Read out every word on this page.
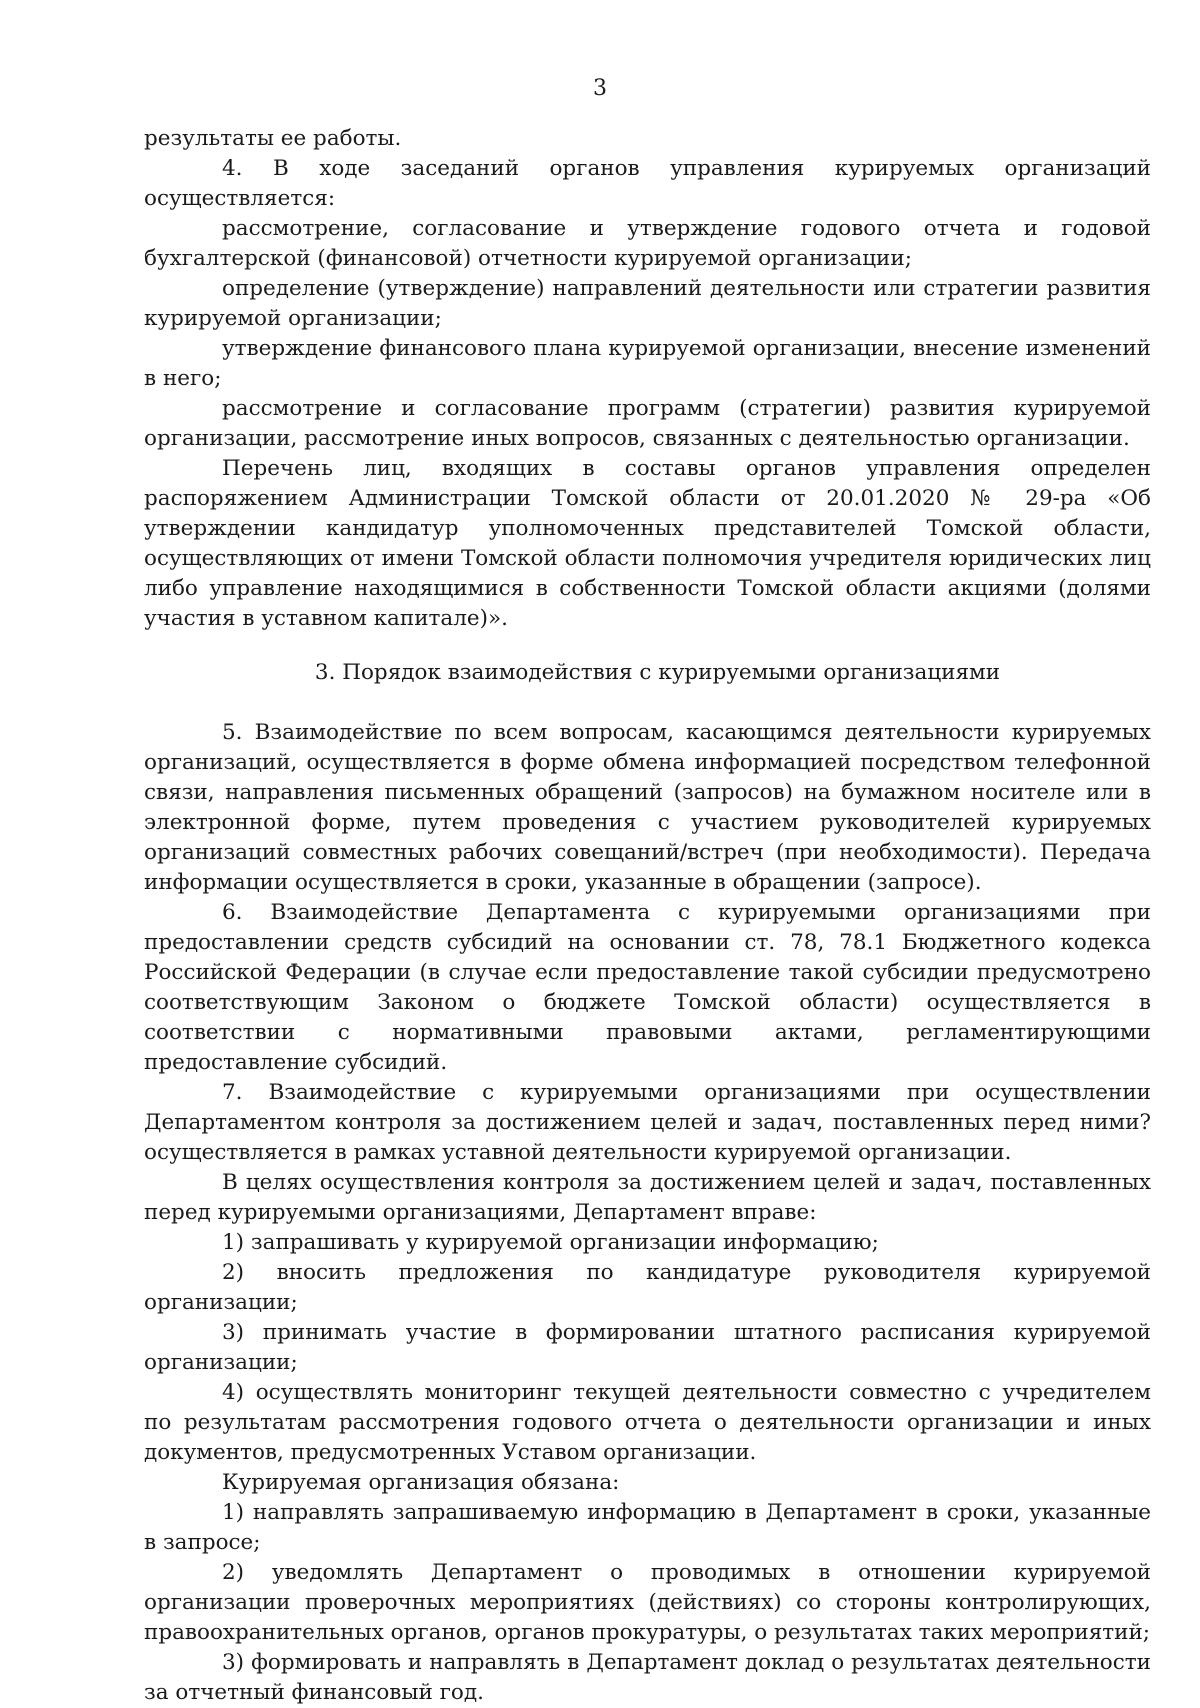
3

результаты ее работы.

4. В ходе заседаний органов управления курируемых организаций осуществляется:

рассмотрение, согласование и утверждение годового отчета и годовой бухгалтерской (финансовой) отчетности курируемой организации;

определение (утверждение) направлений деятельности или стратегии развития курируемой организации;

утверждение финансового плана курируемой организации, внесение изменений в него;

рассмотрение и согласование программ (стратегии) развития курируемой организации, рассмотрение иных вопросов, связанных с деятельностью организации.

Перечень лиц, входящих в составы органов управления определен распоряжением Администрации Томской области от 20.01.2020 № 29-ра «Об утверждении кандидатур уполномоченных представителей Томской области, осуществляющих от имени Томской области полномочия учредителя юридических лиц либо управление находящимися в собственности Томской области акциями (долями участия в уставном капитале)».

3. Порядок взаимодействия с курируемыми организациями

5. Взаимодействие по всем вопросам, касающимся деятельности курируемых организаций, осуществляется в форме обмена информацией посредством телефонной связи, направления письменных обращений (запросов) на бумажном носителе или в электронной форме, путем проведения с участием руководителей курируемых организаций совместных рабочих совещаний/встреч (при необходимости). Передача информации осуществляется в сроки, указанные в обращении (запросе).

6. Взаимодействие Департамента с курируемыми организациями при предоставлении средств субсидий на основании ст. 78, 78.1 Бюджетного кодекса Российской Федерации (в случае если предоставление такой субсидии предусмотрено соответствующим Законом о бюджете Томской области) осуществляется в соответствии с нормативными правовыми актами, регламентирующими предоставление субсидий.

7. Взаимодействие с курируемыми организациями при осуществлении Департаментом контроля за достижением целей и задач, поставленных перед ними? осуществляется в рамках уставной деятельности курируемой организации.

В целях осуществления контроля за достижением целей и задач, поставленных перед курируемыми организациями, Департамент вправе:

1) запрашивать у курируемой организации информацию;

2) вносить предложения по кандидатуре руководителя курируемой организации;

3) принимать участие в формировании штатного расписания курируемой организации;

4) осуществлять мониторинг текущей деятельности совместно с учредителем по результатам рассмотрения годового отчета о деятельности организации и иных документов, предусмотренных Уставом организации.

Курируемая организация обязана:

1) направлять запрашиваемую информацию в Департамент в сроки, указанные в запросе;

2) уведомлять Департамент о проводимых в отношении курируемой организации проверочных мероприятиях (действиях) со стороны контролирующих, правоохранительных органов, органов прокуратуры, о результатах таких мероприятий;

3) формировать и направлять в Департамент доклад о результатах деятельности за отчетный финансовый год.
